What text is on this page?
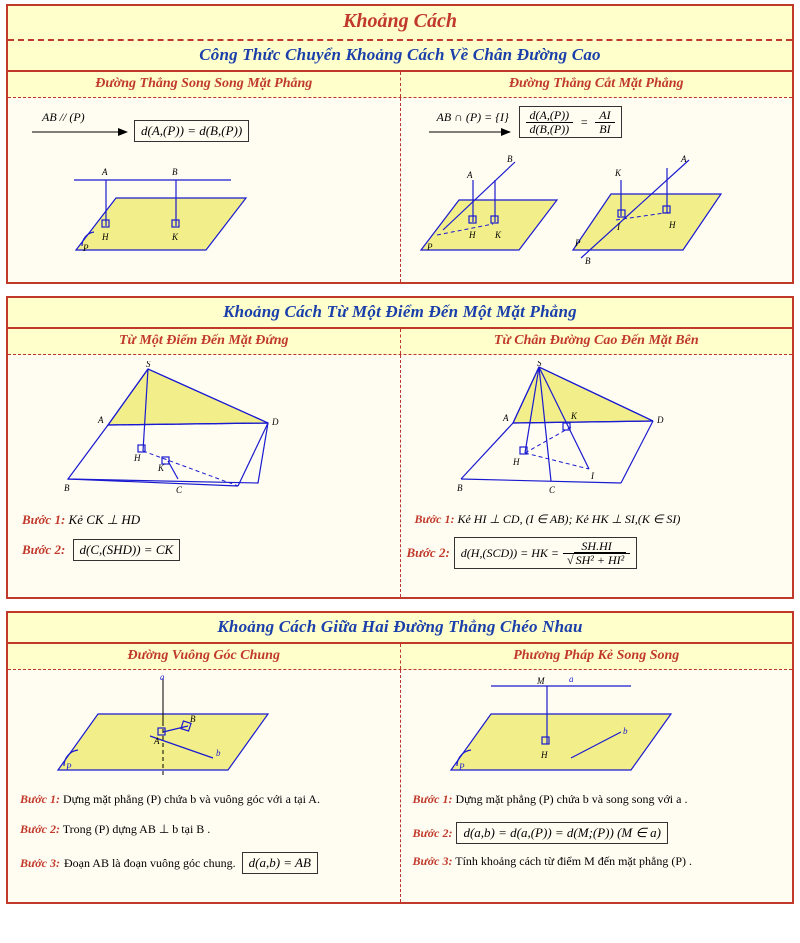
Khoảng Cách
Công Thức Chuyển Khoảng Cách Về Chân Đường Cao
Đường Thẳng Song Song Mặt Phẳng	Đường Thẳng Cắt Mặt Phẳng
AB // (P)
d(A,(P)) = d(B,(P))
A	B
H	K
P
AB ∩ $(P) = \{I\} \frac{d(A,(P))}{d(B,(P))} = \frac{AI}{BI}$
A
B
H K
P
K
A
I	H
P
B
Khoảng Cách Từ Một Điểm Đến Một Mặt Phẳng
Từ Một Điểm Đến Mặt Đứng	Từ Chân Đường Cao Đến Mặt Bên
S
A
B	C
D
H
K
Bước 1: Kẻ CK ⊥ HD
Bước 2: d(C,(SHD)) = CK
S
A
B	C
D
H
I
K
Bước 1: Kẻ HI ⊥ CD, (I ∈ AB); Kẻ HK ⊥ SI,(K ∈ SI)
Bước 2: d(H,(SCD)) = HK = $\frac{SH.HI}{\text{√ SH² + HI²}}$
Khoảng Cách Giữa Hai Đường Thẳng Chéo Nhau
Đường Vuông Góc Chung	Phương Pháp Kẻ Song Song
a
A
B
b
P
Bước 1: Dựng mặt phẳng (P) chứa b và vuông góc với a tại A.
Bước 2: Trong (P) dựng AB ⊥ b tại B .
Bước 3: Đoạn AB là đoạn vuông góc chung.	d(a,b) = AB
M	a
H
b
P
Bước 1: Dựng mặt phẳng (P) chứa b và song song với a .
Bước 2: d(a,b) = d(a,(P)) = d(M;(P)) (M ∈ a)
Bước 3: Tính khoảng cách từ điểm M đến mặt phẳng (P) .
